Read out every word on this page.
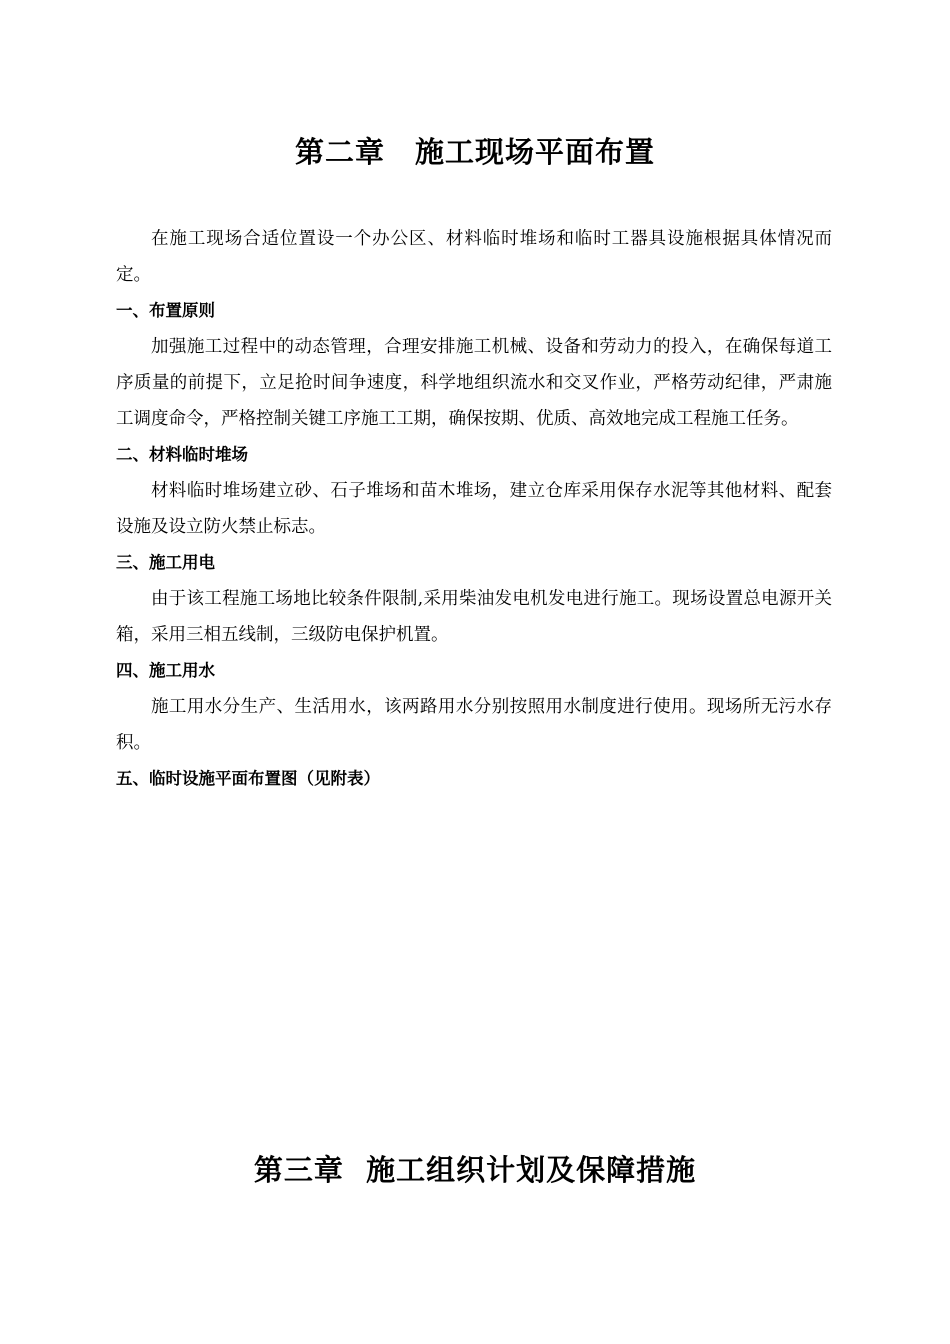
第二章　施工现场平面布置

在施工现场合适位置设一个办公区、材料临时堆场和临时工器具设施根据具体情况而定。

一、布置原则

加强施工过程中的动态管理，合理安排施工机械、设备和劳动力的投入，在确保每道工序质量的前提下，立足抢时间争速度，科学地组织流水和交叉作业，严格劳动纪律，严肃施工调度命令，严格控制关键工序施工工期，确保按期、优质、高效地完成工程施工任务。

二、材料临时堆场

材料临时堆场建立砂、石子堆场和苗木堆场，建立仓库采用保存水泥等其他材料、配套设施及设立防火禁止标志。

三、施工用电

由于该工程施工场地比较条件限制,采用柴油发电机发电进行施工。现场设置总电源开关箱，采用三相五线制，三级防电保护机置。

四、施工用水

施工用水分生产、生活用水，该两路用水分别按照用水制度进行使用。现场所无污水存积。

五、临时设施平面布置图（见附表）

第三章  施工组织计划及保障措施
